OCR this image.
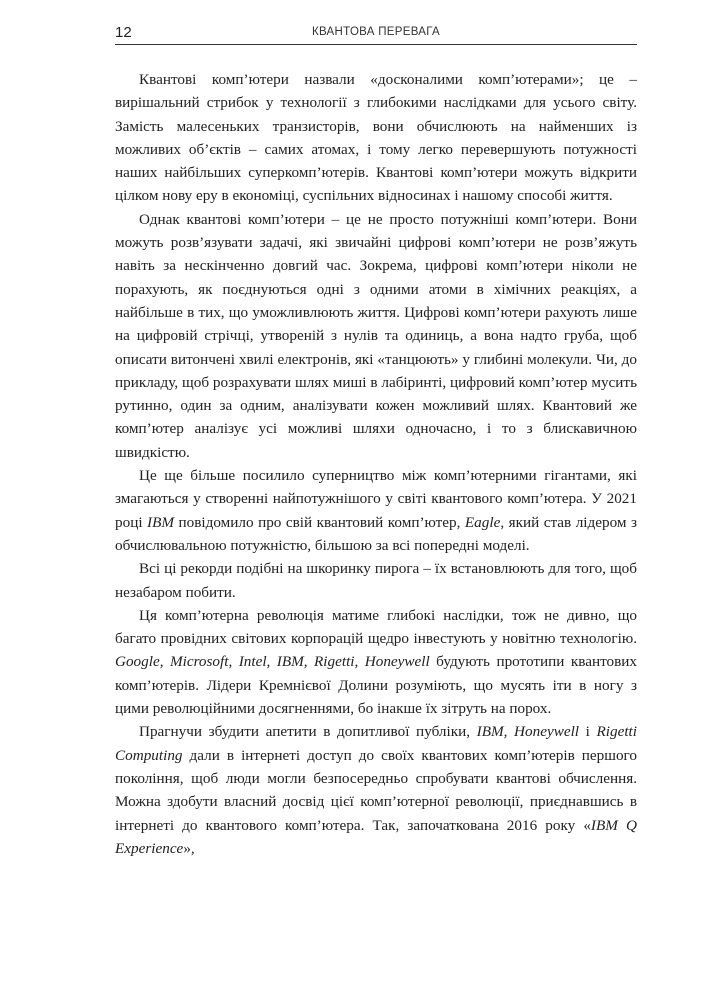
12	КВАНТОВА ПЕРЕВАГА

Квантові комп’ютери назвали «досконалими комп’ютерами»; це – вирішальний стрибок у технології з глибокими наслідками для усього світу. Замість малесеньких транзисторів, вони обчислюють на найменших із можливих об’єктів – самих атомах, і тому легко перевершують потужності наших найбільших суперкомп’ютерів. Квантові комп’ютери можуть відкрити цілком нову еру в економіці, суспільних відносинах і нашому способі життя.

Однак квантові комп’ютери – це не просто потужніші комп’ютери. Вони можуть розв’язувати задачі, які звичайні цифрові комп’ютери не розв’яжуть навіть за нескінченно довгий час. Зокрема, цифрові комп’ютери ніколи не порахують, як поєднуються одні з одними атоми в хімічних реакціях, а найбільше в тих, що уможливлюють життя. Цифрові комп’ютери рахують лише на цифровій стрічці, утвореній з нулів та одиниць, а вона надто груба, щоб описати витончені хвилі електронів, які «танцюють» у глибині молекули. Чи, до прикладу, щоб розрахувати шлях миші в лабіринті, цифровий комп’ютер мусить рутинно, один за одним, аналізувати кожен можливий шлях. Квантовий же комп’ютер аналізує усі можливі шляхи одночасно, і то з блискавичною швидкістю.

Це ще більше посилило суперництво між комп’ютерними гігантами, які змагаються у створенні найпотужнішого у світі квантового комп’ютера. У 2021 році IBM повідомило про свій квантовий комп’ютер, Eagle, який став лідером з обчислювальною потужністю, більшою за всі попередні моделі.

Всі ці рекорди подібні на шкоринку пирога – їх встановлюють для того, щоб незабаром побити.

Ця комп’ютерна революція матиме глибокі наслідки, тож не дивно, що багато провідних світових корпорацій щедро інвестують у новітню технологію. Google, Microsoft, Intel, IBM, Rigetti, Honeywell будують прототипи квантових комп’ютерів. Лідери Кремнієвої Долини розуміють, що мусять іти в ногу з цими революційними досягненнями, бо інакше їх зітруть на порох.

Прагнучи збудити апетити в допитливої публіки, IBM, Honeywell і Rigetti Computing дали в інтернеті доступ до своїх квантових комп’ютерів першого покоління, щоб люди могли безпосередньо спробувати квантові обчислення. Можна здобути власний досвід цієї комп’ютерної революції, приєднавшись в інтернеті до квантового комп’ютера. Так, започаткована 2016 року «IBM Q Experience»,
